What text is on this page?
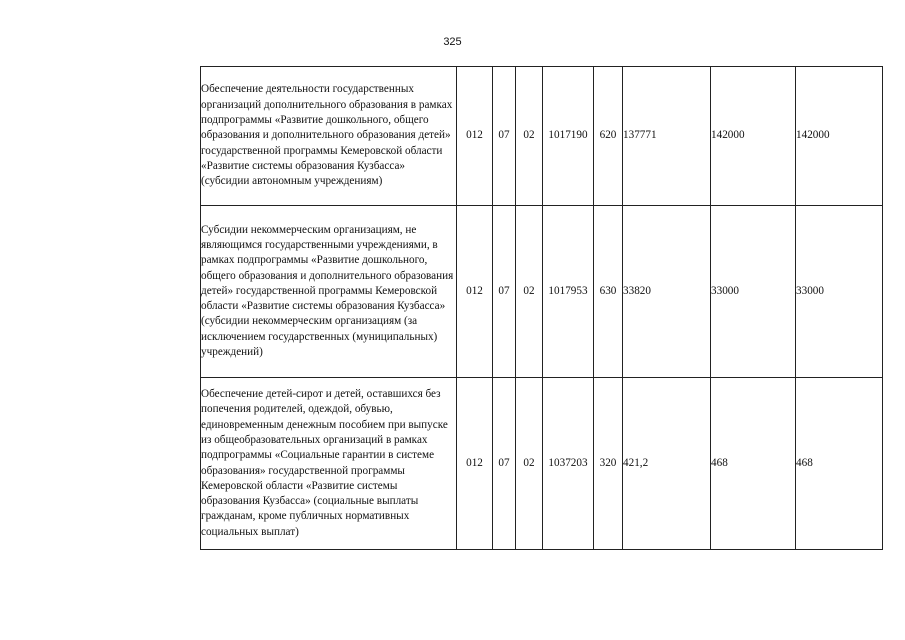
325
Обеспечение деятельности государственных организаций дополнительного образования в рамках подпрограммы «Развитие дошкольного, общего образования и дополнительного образования детей» государственной программы Кемеровской области «Развитие системы образования Кузбасса» (субсидии автономным учреждениям)	012	07	02	1017190	620	137771	142000	142000
Субсидии некоммерческим организациям, не являющимся государственными учреждениями, в рамках подпрограммы «Развитие дошкольного, общего образования и дополнительного образования детей» государственной программы Кемеровской области «Развитие системы образования Кузбасса» (субсидии некоммерческим организациям (за исключением государственных (муниципальных) учреждений)	012	07	02	1017953	630	33820	33000	33000
Обеспечение детей-сирот и детей, оставшихся без попечения родителей, одеждой, обувью, единовременным денежным пособием при выпуске из общеобразовательных организаций в рамках подпрограммы «Социальные гарантии в системе образования» государственной программы Кемеровской области «Развитие системы образования Кузбасса» (социальные выплаты гражданам, кроме публичных нормативных социальных выплат)	012	07	02	1037203	320	421,2	468	468
